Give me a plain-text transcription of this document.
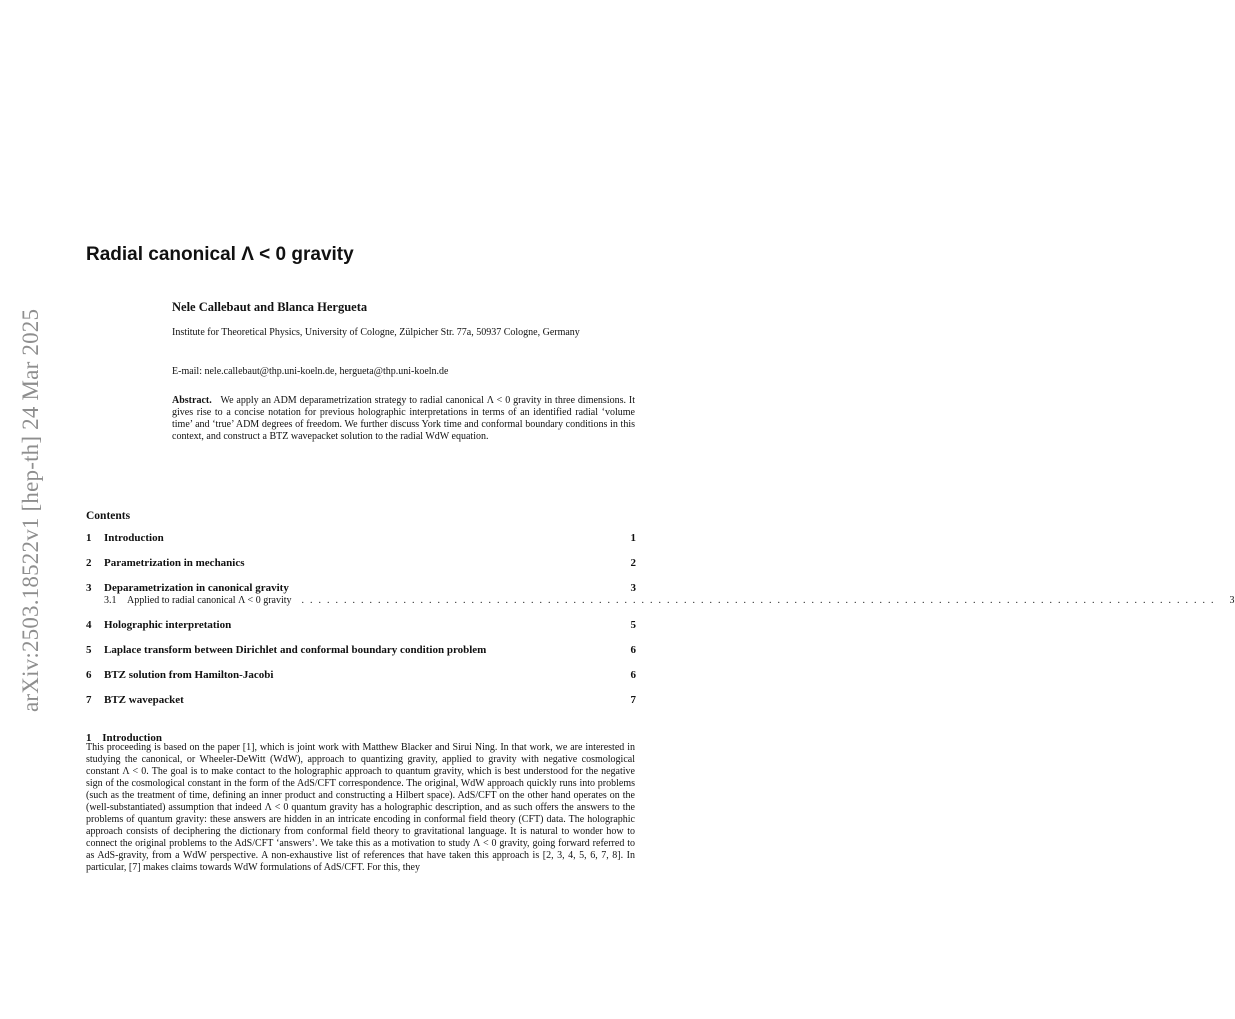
arXiv:2503.18522v1 [hep-th] 24 Mar 2025
Radial canonical Λ < 0 gravity
Nele Callebaut and Blanca Hergueta
Institute for Theoretical Physics, University of Cologne, Zülpicher Str. 77a, 50937 Cologne, Germany
E-mail: nele.callebaut@thp.uni-koeln.de, hergueta@thp.uni-koeln.de
Abstract. We apply an ADM deparametrization strategy to radial canonical Λ < 0 gravity in three dimensions. It gives rise to a concise notation for previous holographic interpretations in terms of an identified radial ‘volume time’ and ‘true’ ADM degrees of freedom. We further discuss York time and conformal boundary conditions in this context, and construct a BTZ wavepacket solution to the radial WdW equation.
Contents
1 Introduction	1
2 Parametrization in mechanics	2
3 Deparametrization in canonical gravity	3
3.1 Applied to radial canonical Λ < 0 gravity ............................................................................................................ 3
4 Holographic interpretation	5
5 Laplace transform between Dirichlet and conformal boundary condition problem	6
6 BTZ solution from Hamilton-Jacobi	6
7 BTZ wavepacket	7
1 Introduction
This proceeding is based on the paper [1], which is joint work with Matthew Blacker and Sirui Ning. In that work, we are interested in studying the canonical, or Wheeler-DeWitt (WdW), approach to quantizing gravity, applied to gravity with negative cosmological constant Λ < 0. The goal is to make contact to the holographic approach to quantum gravity, which is best understood for the negative sign of the cosmological constant in the form of the AdS/CFT correspondence. The original, WdW approach quickly runs into problems (such as the treatment of time, defining an inner product and constructing a Hilbert space). AdS/CFT on the other hand operates on the (well-substantiated) assumption that indeed Λ < 0 quantum gravity has a holographic description, and as such offers the answers to the problems of quantum gravity: these answers are hidden in an intricate encoding in conformal field theory (CFT) data. The holographic approach consists of deciphering the dictionary from conformal field theory to gravitational language. It is natural to wonder how to connect the original problems to the AdS/CFT ‘answers’. We take this as a motivation to study Λ < 0 gravity, going forward referred to as AdS-gravity, from a WdW perspective. A non-exhaustive list of references that have taken this approach is [2, 3, 4, 5, 6, 7, 8]. In particular, [7] makes claims towards WdW formulations of AdS/CFT. For this, they
